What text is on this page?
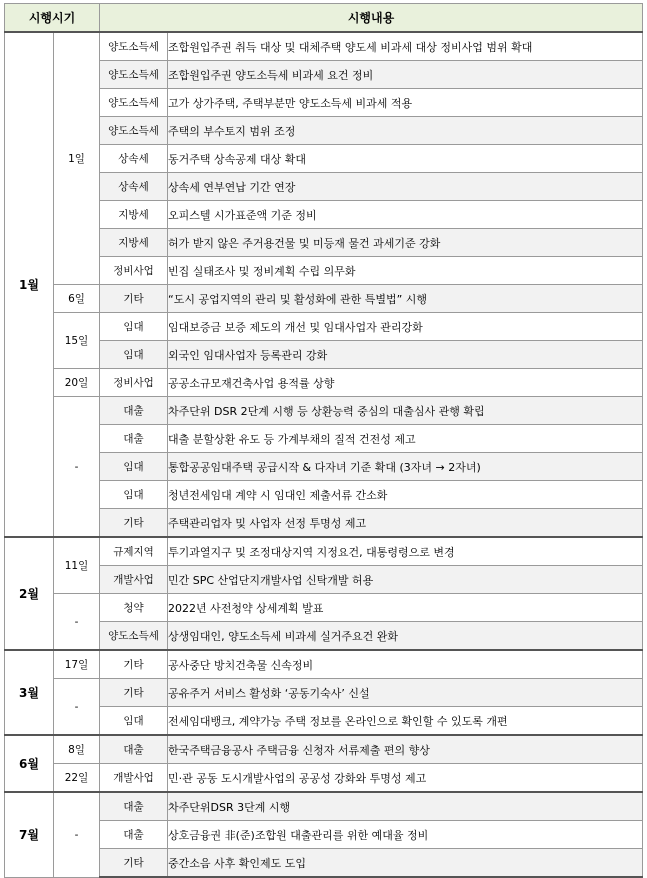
시행시기		시행내용	
1월	1일	양도소득세	조합원입주권 취득 대상 및 대체주택 양도세 비과세 대상 정비사업 범위 확대
		양도소득세	조합원입주권 양도소득세 비과세 요건 정비
		양도소득세	고가 상가주택, 주택부분만 양도소득세 비과세 적용
		양도소득세	주택의 부수토지 범위 조정
		상속세	동거주택 상속공제 대상 확대
		상속세	상속세 연부연납 기간 연장
		지방세	오피스텔 시가표준액 기준 정비
		지방세	허가 받지 않은 주거용건물 및 미등재 물건 과세기준 강화
		정비사업	빈집 실태조사 및 정비계획 수립 의무화
	6일	기타	“도시 공업지역의 관리 및 활성화에 관한 특별법” 시행
	15일	임대	임대보증금 보증 제도의 개선 및 임대사업자 관리강화
		임대	외국인 임대사업자 등록관리 강화
	20일	정비사업	공공소규모재건축사업 용적률 상향
	-	대출	차주단위 DSR 2단계 시행 등 상환능력 중심의 대출심사 관행 확립
		대출	대출 분할상환 유도 등 가계부채의 질적 건전성 제고
		임대	통합공공임대주택 공급시작 & 다자녀 기준 확대 (3자녀 → 2자녀)
		임대	청년전세임대 계약 시 임대인 제출서류 간소화
		기타	주택관리업자 및 사업자 선정 투명성 제고
2월	11일	규제지역	투기과열지구 및 조정대상지역 지정요건, 대통령령으로 변경
		개발사업	민간 SPC 산업단지개발사업 신탁개발 허용
	-	청약	2022년 사전청약 상세계획 발표
		양도소득세	상생임대인, 양도소득세 비과세 실거주요건 완화
3월	17일	기타	공사중단 방치건축물 신속정비
	-	기타	공유주거 서비스 활성화 ‘공동기숙사’ 신설
		임대	전세임대뱅크, 계약가능 주택 정보를 온라인으로 확인할 수 있도록 개편
6월	8일	대출	한국주택금융공사 주택금융 신청자 서류제출 편의 향상
	22일	개발사업	민·관 공동 도시개발사업의 공공성 강화와 투명성 제고
7월	-	대출	차주단위DSR 3단계 시행
		대출	상호금융권 非(준)조합원 대출관리를 위한 예대율 정비
		기타	중간소음 사후 확인제도 도입
